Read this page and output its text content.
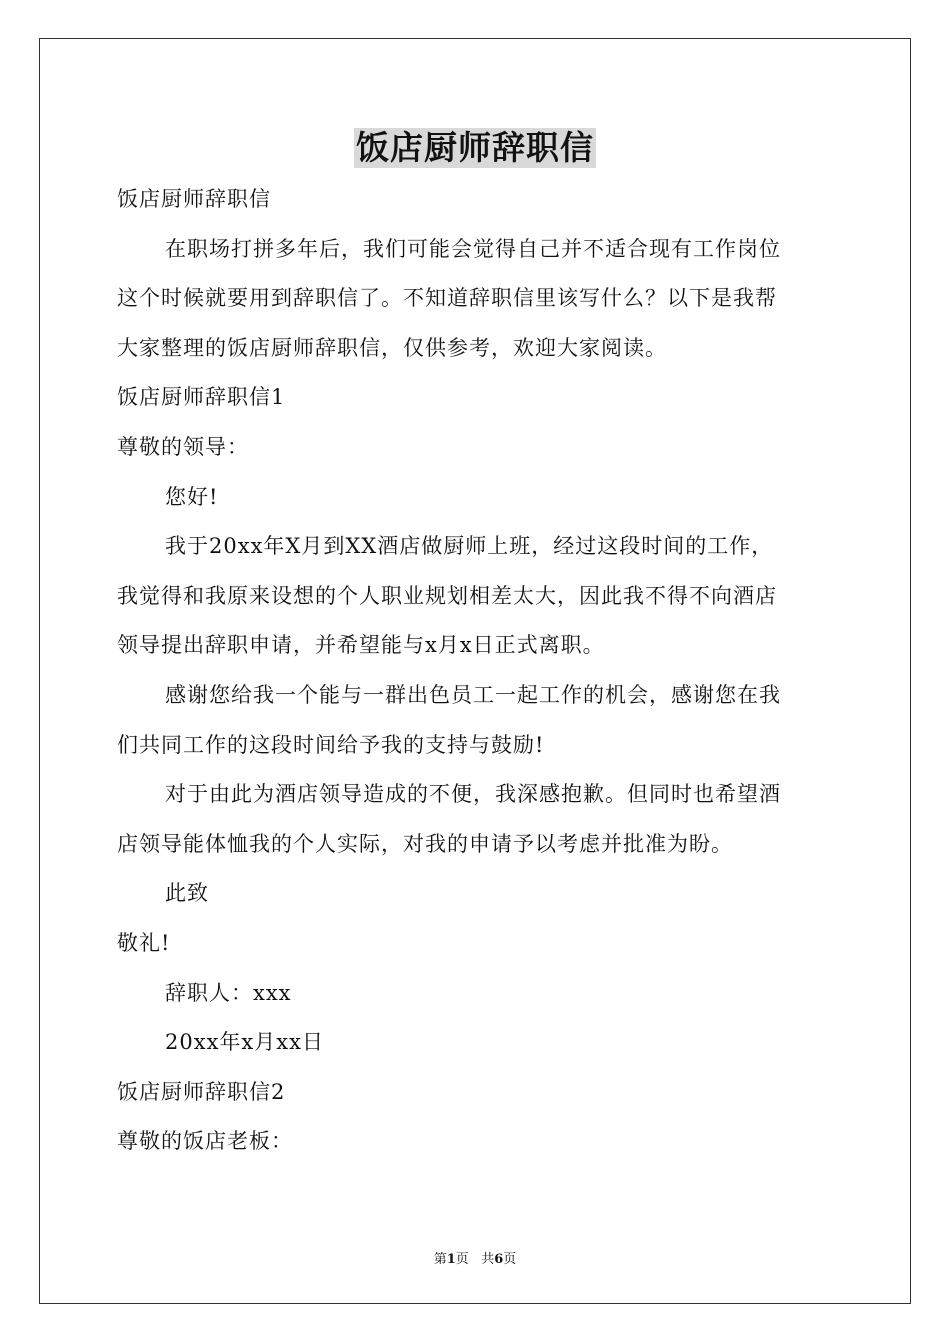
饭店厨师辞职信
饭店厨师辞职信
在职场打拼多年后，我们可能会觉得自己并不适合现有工作岗位
这个时候就要用到辞职信了。不知道辞职信里该写什么？以下是我帮
大家整理的饭店厨师辞职信，仅供参考，欢迎大家阅读。
饭店厨师辞职信1
尊敬的领导：
您好!
我于20xx年X月到XX酒店做厨师上班，经过这段时间的工作，
我觉得和我原来设想的个人职业规划相差太大，因此我不得不向酒店
领导提出辞职申请，并希望能与x月x日正式离职。
感谢您给我一个能与一群出色员工一起工作的机会，感谢您在我
们共同工作的这段时间给予我的支持与鼓励!
对于由此为酒店领导造成的不便，我深感抱歉。但同时也希望酒
店领导能体恤我的个人实际，对我的申请予以考虑并批准为盼。
此致
敬礼!
辞职人：xxx
20xx年x月xx日
饭店厨师辞职信2
尊敬的饭店老板：
第1页 共6页
